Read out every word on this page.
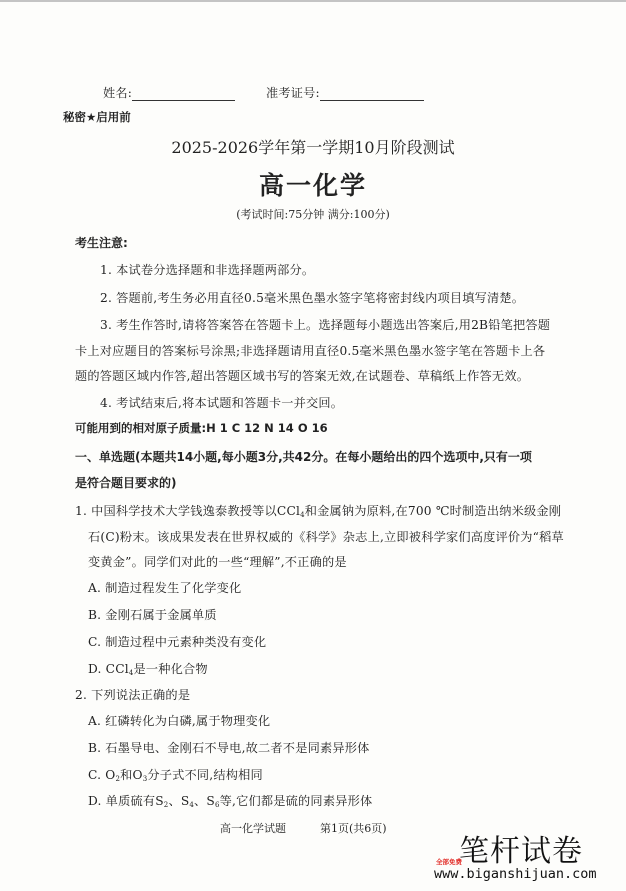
姓名:	准考证号:
秘密★启用前
2025-2026学年第一学期10月阶段测试
高一化学
(考试时间:75分钟 满分:100分)
考生注意:
1. 本试卷分选择题和非选择题两部分。
2. 答题前,考生务必用直径0.5毫米黑色墨水签字笔将密封线内项目填写清楚。
3. 考生作答时,请将答案答在答题卡上。选择题每小题选出答案后,用2B铅笔把答题
卡上对应题目的答案标号涂黑;非选择题请用直径0.5毫米黑色墨水签字笔在答题卡上各
题的答题区域内作答,超出答题区域书写的答案无效,在试题卷、草稿纸上作答无效。
4. 考试结束后,将本试题和答题卡一并交回。
可能用到的相对原子质量:H 1 C 12 N 14 O 16
一、单选题(本题共14小题,每小题3分,共42分。在每小题给出的四个选项中,只有一项
是符合题目要求的)
1. 中国科学技术大学钱逸泰教授等以CCl$_4$和金属钠为原料,在700 ℃时制造出纳米级金刚
石(C)粉末。该成果发表在世界权威的《科学》杂志上,立即被科学家们高度评价为“稻草
变黄金”。同学们对此的一些“理解”,不正确的是
A. 制造过程发生了化学变化
B. 金刚石属于金属单质
C. 制造过程中元素种类没有变化
D. CCl$_4$是一种化合物
2. 下列说法正确的是
A. 红磷转化为白磷,属于物理变化
B. 石墨导电、金刚石不导电,故二者不是同素异形体
C. $O_2$和$O_3$分子式不同,结构相同
D. 单质硫有$S_2$、$S_4$、$S_6$等,它们都是硫的同素异形体
高一化学试题	第1页(共6页)
全部免费
笔杆试卷
www.biganshijuan.com
